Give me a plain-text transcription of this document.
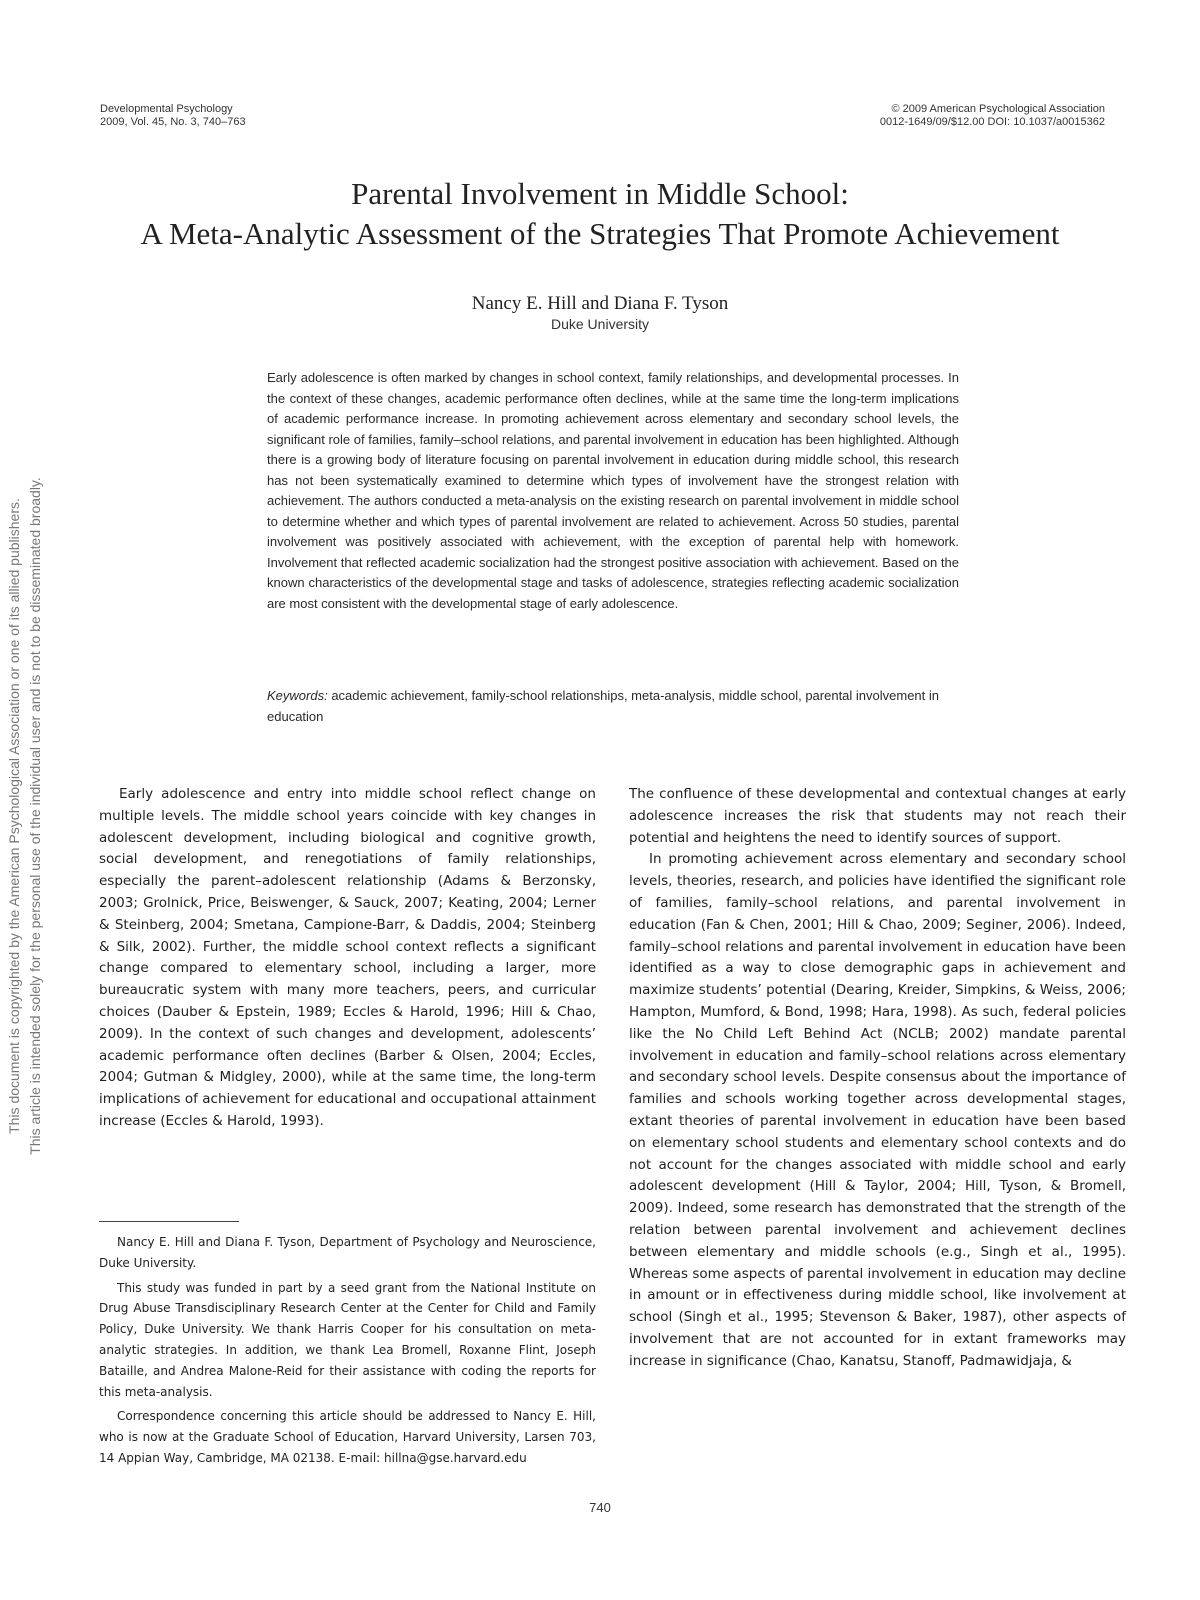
Developmental Psychology
2009, Vol. 45, No. 3, 740–763
© 2009 American Psychological Association
0012-1649/09/$12.00 DOI: 10.1037/a0015362
Parental Involvement in Middle School:
A Meta-Analytic Assessment of the Strategies That Promote Achievement
Nancy E. Hill and Diana F. Tyson
Duke University
Early adolescence is often marked by changes in school context, family relationships, and developmental processes. In the context of these changes, academic performance often declines, while at the same time the long-term implications of academic performance increase. In promoting achievement across elementary and secondary school levels, the significant role of families, family–school relations, and parental involvement in education has been highlighted. Although there is a growing body of literature focusing on parental involvement in education during middle school, this research has not been systematically examined to determine which types of involvement have the strongest relation with achievement. The authors conducted a meta-analysis on the existing research on parental involvement in middle school to determine whether and which types of parental involvement are related to achievement. Across 50 studies, parental involvement was positively associated with achievement, with the exception of parental help with homework. Involvement that reflected academic socialization had the strongest positive association with achievement. Based on the known characteristics of the developmental stage and tasks of adolescence, strategies reflecting academic socialization are most consistent with the developmental stage of early adolescence.
Keywords: academic achievement, family-school relationships, meta-analysis, middle school, parental involvement in education

Early adolescence and entry into middle school reflect change on multiple levels. The middle school years coincide with key changes in adolescent development, including biological and cognitive growth, social development, and renegotiations of family relationships, especially the parent–adolescent relationship (Adams & Berzonsky, 2003; Grolnick, Price, Beiswenger, & Sauck, 2007; Keating, 2004; Lerner & Steinberg, 2004; Smetana, Campione-Barr, & Daddis, 2004; Steinberg & Silk, 2002). Further, the middle school context reflects a significant change compared to elementary school, including a larger, more bureaucratic system with many more teachers, peers, and curricular choices (Dauber & Epstein, 1989; Eccles & Harold, 1996; Hill & Chao, 2009). In the context of such changes and development, adolescents’ academic performance often declines (Barber & Olsen, 2004; Eccles, 2004; Gutman & Midgley, 2000), while at the same time, the long-term implications of achievement for educational and occupational attainment increase (Eccles & Harold, 1993).

The confluence of these developmental and contextual changes at early adolescence increases the risk that students may not reach their potential and heightens the need to identify sources of support.

In promoting achievement across elementary and secondary school levels, theories, research, and policies have identified the significant role of families, family–school relations, and parental involvement in education (Fan & Chen, 2001; Hill & Chao, 2009; Seginer, 2006). Indeed, family–school relations and parental involvement in education have been identified as a way to close demographic gaps in achievement and maximize students’ potential (Dearing, Kreider, Simpkins, & Weiss, 2006; Hampton, Mumford, & Bond, 1998; Hara, 1998). As such, federal policies like the No Child Left Behind Act (NCLB; 2002) mandate parental involvement in education and family–school relations across elementary and secondary school levels. Despite consensus about the importance of families and schools working together across developmental stages, extant theories of parental involvement in education have been based on elementary school students and elementary school contexts and do not account for the changes associated with middle school and early adolescent development (Hill & Taylor, 2004; Hill, Tyson, & Bromell, 2009). Indeed, some research has demonstrated that the strength of the relation between parental involvement and achievement declines between elementary and middle schools (e.g., Singh et al., 1995). Whereas some aspects of parental involvement in education may decline in amount or in effectiveness during middle school, like involvement at school (Singh et al., 1995; Stevenson & Baker, 1987), other aspects of involvement that are not accounted for in extant frameworks may increase in significance (Chao, Kanatsu, Stanoff, Padmawidjaja, &

Nancy E. Hill and Diana F. Tyson, Department of Psychology and Neuroscience, Duke University.

This study was funded in part by a seed grant from the National Institute on Drug Abuse Transdisciplinary Research Center at the Center for Child and Family Policy, Duke University. We thank Harris Cooper for his consultation on meta-analytic strategies. In addition, we thank Lea Bromell, Roxanne Flint, Joseph Bataille, and Andrea Malone-Reid for their assistance with coding the reports for this meta-analysis.

Correspondence concerning this article should be addressed to Nancy E. Hill, who is now at the Graduate School of Education, Harvard University, Larsen 703, 14 Appian Way, Cambridge, MA 02138. E-mail: hillna@gse.harvard.edu

740
This document is copyrighted by the American Psychological Association or one of its allied publishers. This article is intended solely for the personal use of the individual user and is not to be disseminated broadly.
